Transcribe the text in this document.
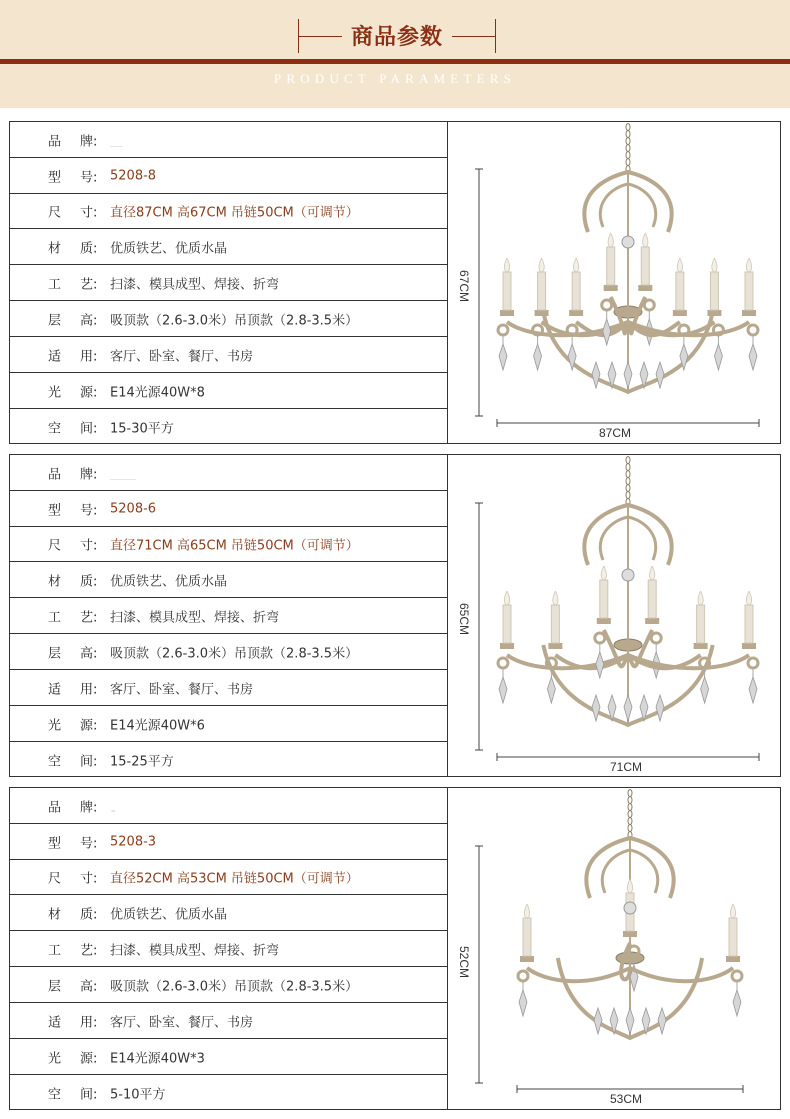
商品参数
PRODUCT PARAMETERS
品 牌: ＿
型 号: 5208-8
尺 寸: 直径87CM 高67CM 吊链50CM（可调节）
材 质: 优质铁艺、优质水晶
工 艺: 扫漆、模具成型、焊接、折弯
层 高: 吸顶款（2.6-3.0米）吊顶款（2.8-3.5米）
适 用: 客厅、卧室、餐厅、书房
光 源: E14光源40W*8
空 间: 15-30平方
67CM
87CM
品 牌: ＿＿
型 号: 5208-6
尺 寸: 直径71CM 高65CM 吊链50CM（可调节）
材 质: 优质铁艺、优质水晶
工 艺: 扫漆、模具成型、焊接、折弯
层 高: 吸顶款（2.6-3.0米）吊顶款（2.8-3.5米）
适 用: 客厅、卧室、餐厅、书房
光 源: E14光源40W*6
空 间: 15-25平方
65CM
71CM
品 牌: ˍ
型 号: 5208-3
尺 寸: 直径52CM 高53CM 吊链50CM（可调节）
材 质: 优质铁艺、优质水晶
工 艺: 扫漆、模具成型、焊接、折弯
层 高: 吸顶款（2.6-3.0米）吊顶款（2.8-3.5米）
适 用: 客厅、卧室、餐厅、书房
光 源: E14光源40W*3
空 间: 5-10平方
52CM
53CM
